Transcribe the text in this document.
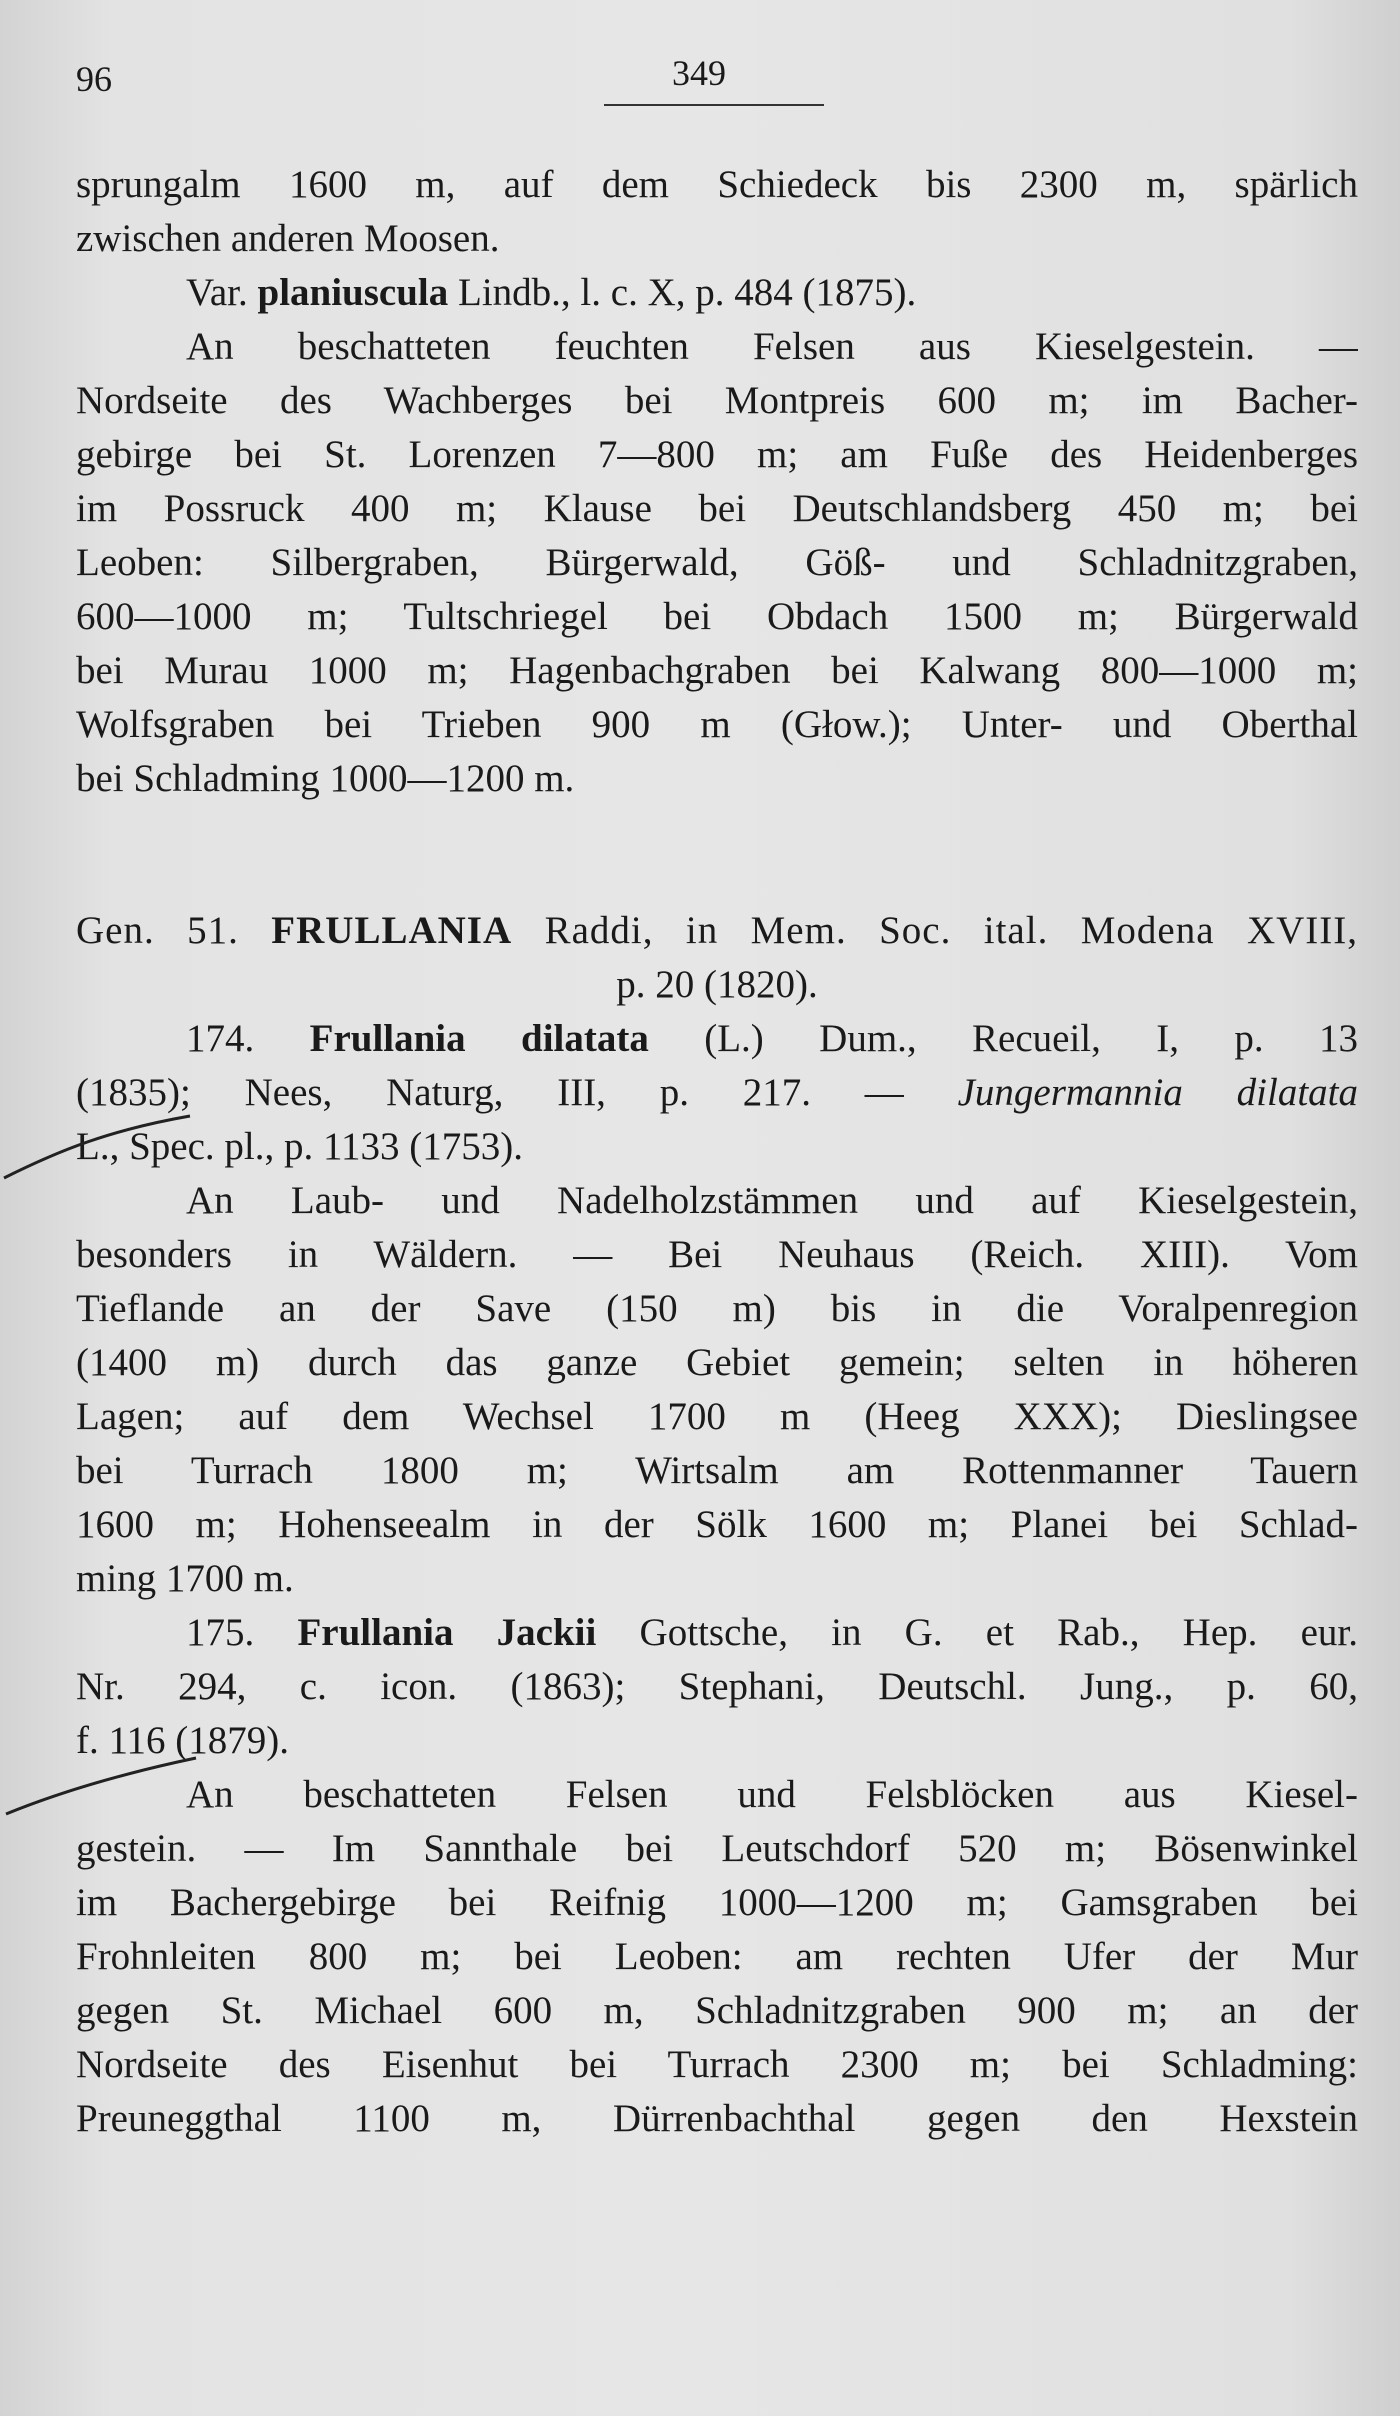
96	349
sprungalm 1600 m, auf dem Schiedeck bis 2300 m, spärlich
zwischen anderen Moosen.
Var. planiuscula Lindb., l. c. X, p. 484 (1875).
An beschatteten feuchten Felsen aus Kieselgestein. —
Nordseite des Wachberges bei Montpreis 600 m; im Bacher-
gebirge bei St. Lorenzen 7—800 m; am Fuße des Heidenberges
im Possruck 400 m; Klause bei Deutschlandsberg 450 m; bei
Leoben: Silbergraben, Bürgerwald, Göß- und Schladnitzgraben,
600—1000 m; Tultschriegel bei Obdach 1500 m; Bürgerwald
bei Murau 1000 m; Hagenbachgraben bei Kalwang 800—1000 m;
Wolfsgraben bei Trieben 900 m (Głow.); Unter- und Oberthal
bei Schladming 1000—1200 m.
Gen. 51. FRULLANIA Raddi, in Mem. Soc. ital. Modena XVIII,
p. 20 (1820).
174. Frullania dilatata (L.) Dum., Recueil, I, p. 13
(1835); Nees, Naturg, III, p. 217. — Jungermannia dilatata
L., Spec. pl., p. 1133 (1753).
An Laub- und Nadelholzstämmen und auf Kieselgestein,
besonders in Wäldern. — Bei Neuhaus (Reich. XIII). Vom
Tieflande an der Save (150 m) bis in die Voralpenregion
(1400 m) durch das ganze Gebiet gemein; selten in höheren
Lagen; auf dem Wechsel 1700 m (Heeg XXX); Dieslingsee
bei Turrach 1800 m; Wirtsalm am Rottenmanner Tauern
1600 m; Hohenseealm in der Sölk 1600 m; Planei bei Schlad-
ming 1700 m.
175. Frullania Jackii Gottsche, in G. et Rab., Hep. eur.
Nr. 294, c. icon. (1863); Stephani, Deutschl. Jung., p. 60,
f. 116 (1879).
An beschatteten Felsen und Felsblöcken aus Kiesel-
gestein. — Im Sannthale bei Leutschdorf 520 m; Bösenwinkel
im Bachergebirge bei Reifnig 1000—1200 m; Gamsgraben bei
Frohnleiten 800 m; bei Leoben: am rechten Ufer der Mur
gegen St. Michael 600 m, Schladnitzgraben 900 m; an der
Nordseite des Eisenhut bei Turrach 2300 m; bei Schladming:
Preuneggthal 1100 m, Dürrenbachthal gegen den Hexstein
